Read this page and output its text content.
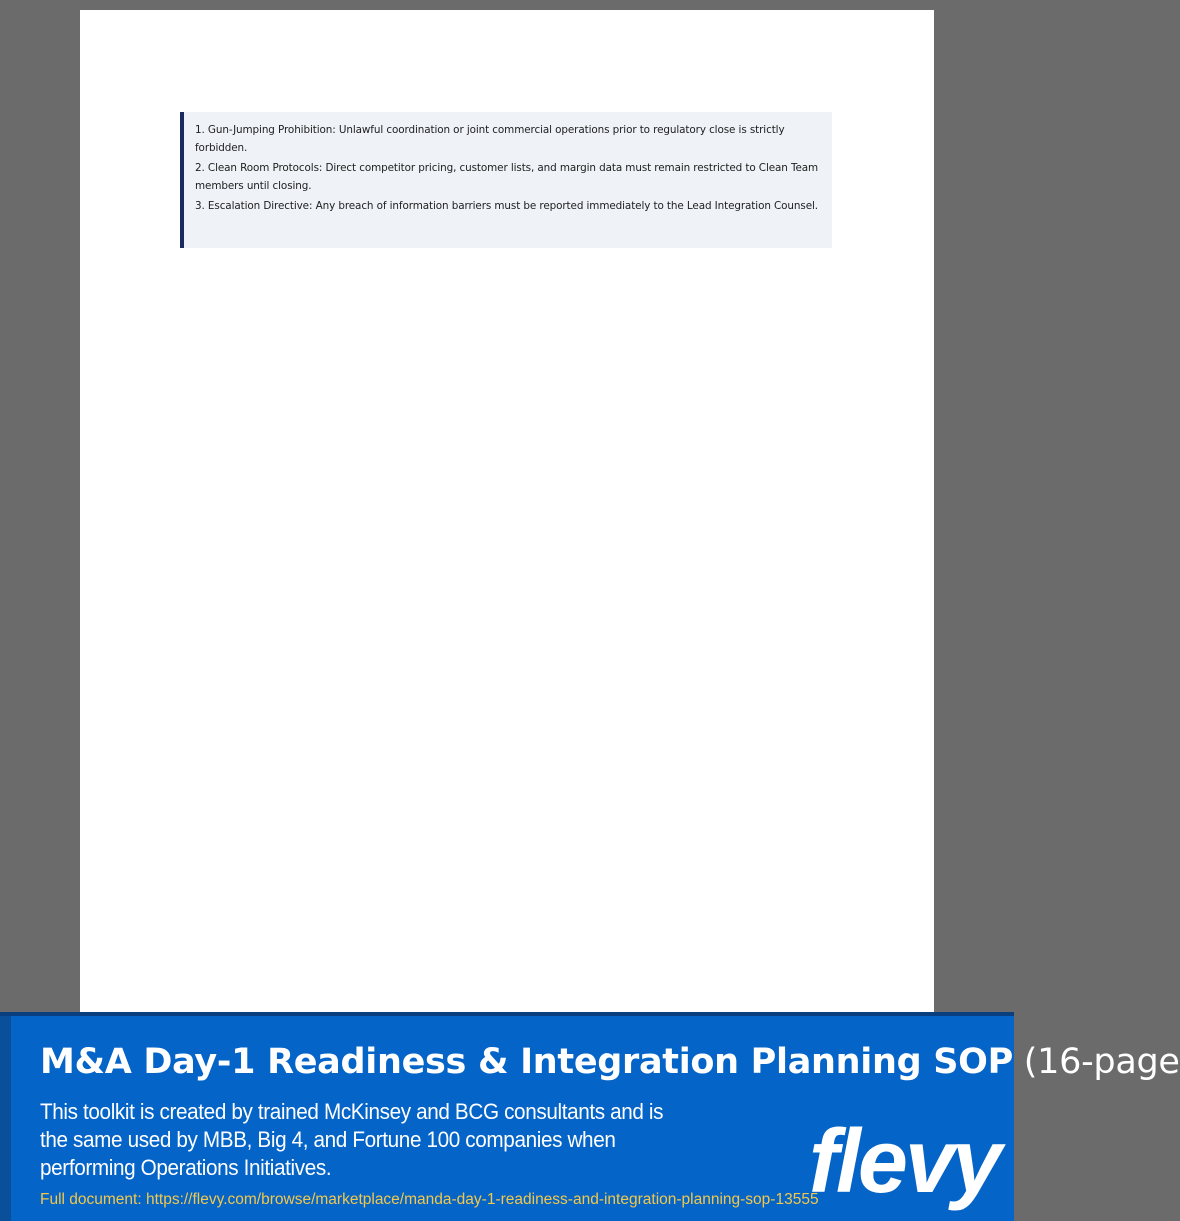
1. Gun-Jumping Prohibition: Unlawful coordination or joint commercial operations prior to regulatory close is strictly forbidden.

2. Clean Room Protocols: Direct competitor pricing, customer lists, and margin data must remain restricted to Clean Team members until closing.

3. Escalation Directive: Any breach of information barriers must be reported immediately to the Lead Integration Counsel.

M&A Day-1 Readiness & Integration Planning SOP (16-page
This toolkit is created by trained McKinsey and BCG consultants and is the same used by MBB, Big 4, and Fortune 100 companies when performing Operations Initiatives.
Full document: https://flevy.com/browse/marketplace/manda-day-1-readiness-and-integration-planning-sop-13555
flevy
